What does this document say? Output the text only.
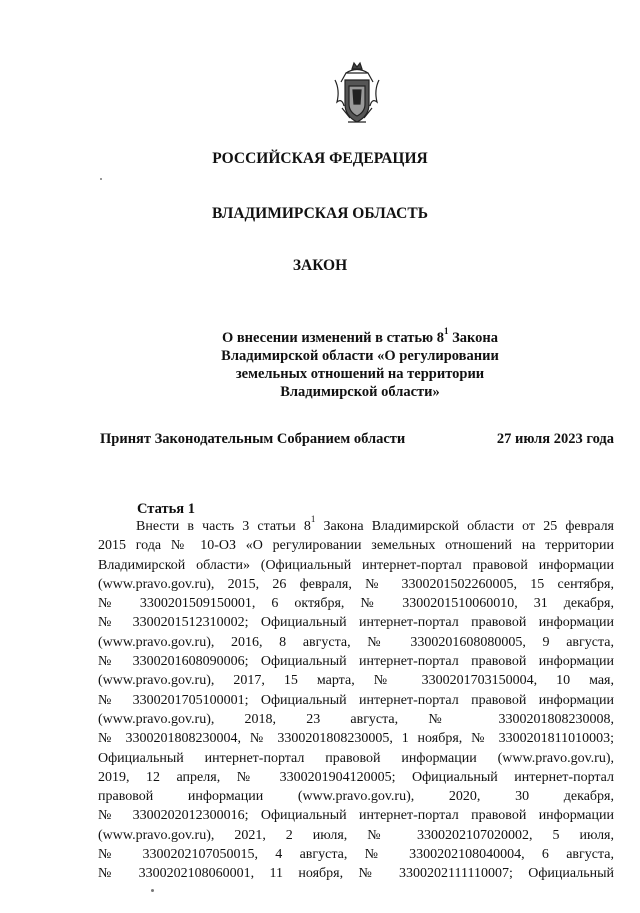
РОССИЙСКАЯ ФЕДЕРАЦИЯ
ВЛАДИМИРСКАЯ ОБЛАСТЬ
ЗАКОН
О внесении изменений в статью $8^1$ Закона
Владимирской области «О регулировании
земельных отношений на территории
Владимирской области»
Принят Законодательным Собранием области	27 июля 2023 года
Статья 1

Внести в часть 3 статьи $8^1$ Закона Владимирской области от 25 февраля

2015 года № 10-ОЗ «О регулировании земельных отношений на территории

Владимирской области» (Официальный интернет-портал правовой информации

(www.pravo.gov.ru), 2015, 26 февраля, № 3300201502260005, 15 сентября,

№ 3300201509150001, 6 октября, № 3300201510060010, 31 декабря,

№ 3300201512310002; Официальный интернет-портал правовой информации

(www.pravo.gov.ru), 2016, 8 августа, № 3300201608080005, 9 августа,

№ 3300201608090006; Официальный интернет-портал правовой информации

(www.pravo.gov.ru), 2017, 15 марта, № 3300201703150004, 10 мая,

№ 3300201705100001; Официальный интернет-портал правовой информации

(www.pravo.gov.ru), 2018, 23 августа, № 3300201808230008,

№ 3300201808230004, № 3300201808230005, 1 ноября, № 3300201811010003;

Официальный интернет-портал правовой информации (www.pravo.gov.ru),

2019, 12 апреля, № 3300201904120005; Официальный интернет-портал

правовой информации (www.pravo.gov.ru), 2020, 30 декабря,

№ 3300202012300016; Официальный интернет-портал правовой информации

(www.pravo.gov.ru), 2021, 2 июля, № 3300202107020002, 5 июля,

№ 3300202107050015, 4 августа, № 3300202108040004, 6 августа,

№ 3300202108060001, 11 ноября, № 3300202111110007; Официальный
